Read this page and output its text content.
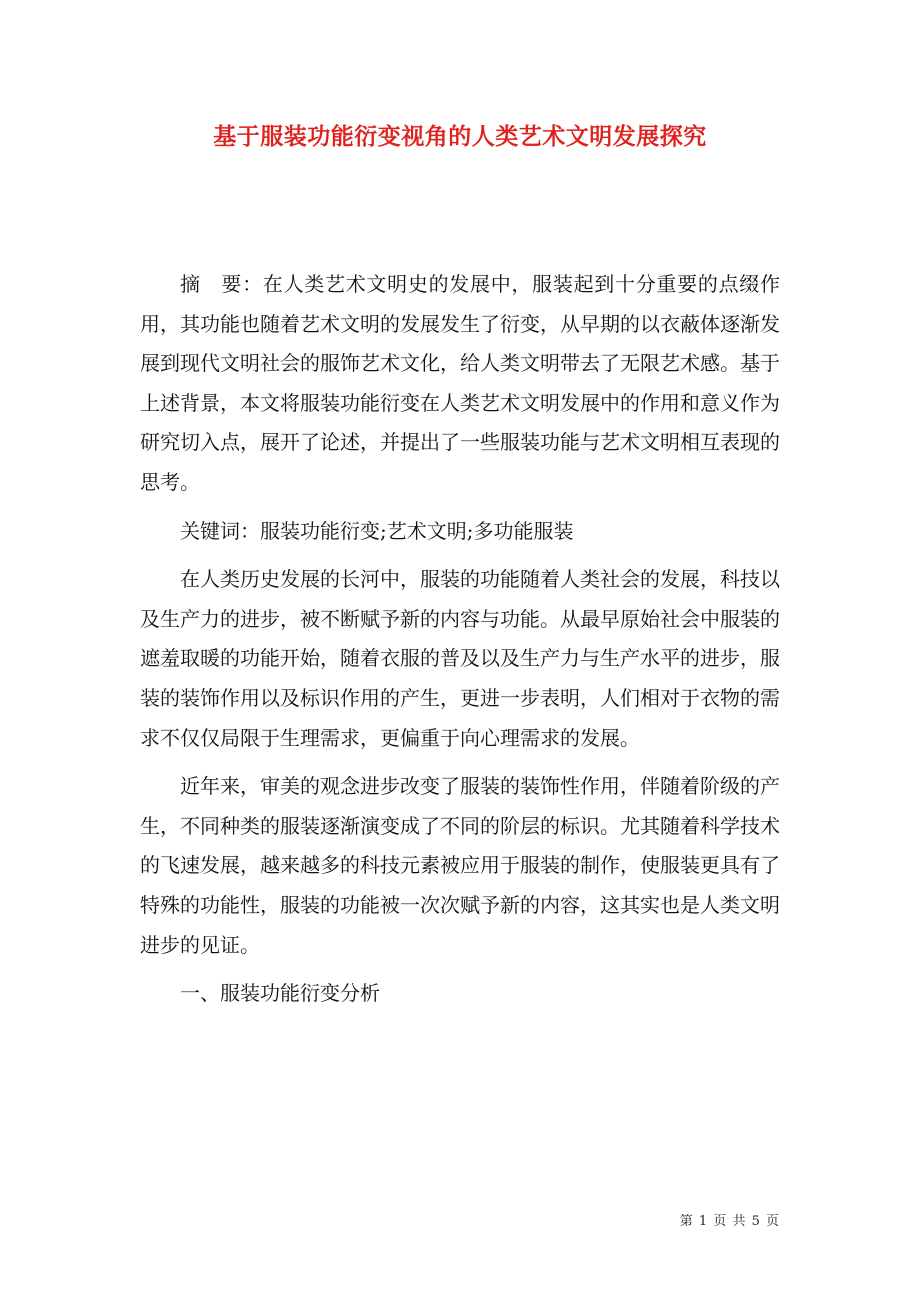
基于服装功能衍变视角的人类艺术文明发展探究

摘　要：在人类艺术文明史的发展中，服装起到十分重要的点缀作用，其功能也随着艺术文明的发展发生了衍变，从早期的以衣蔽体逐渐发展到现代文明社会的服饰艺术文化，给人类文明带去了无限艺术感。基于上述背景，本文将服装功能衍变在人类艺术文明发展中的作用和意义作为研究切入点，展开了论述，并提出了一些服装功能与艺术文明相互表现的思考。

关键词：服装功能衍变;艺术文明;多功能服装

在人类历史发展的长河中，服装的功能随着人类社会的发展，科技以及生产力的进步，被不断赋予新的内容与功能。从最早原始社会中服装的遮羞取暖的功能开始，随着衣服的普及以及生产力与生产水平的进步，服装的装饰作用以及标识作用的产生，更进一步表明，人们相对于衣物的需求不仅仅局限于生理需求，更偏重于向心理需求的发展。

近年来，审美的观念进步改变了服装的装饰性作用，伴随着阶级的产生，不同种类的服装逐渐演变成了不同的阶层的标识。尤其随着科学技术的飞速发展，越来越多的科技元素被应用于服装的制作，使服装更具有了特殊的功能性，服装的功能被一次次赋予新的内容，这其实也是人类文明进步的见证。

一、服装功能衍变分析

第 1 页 共 5 页
